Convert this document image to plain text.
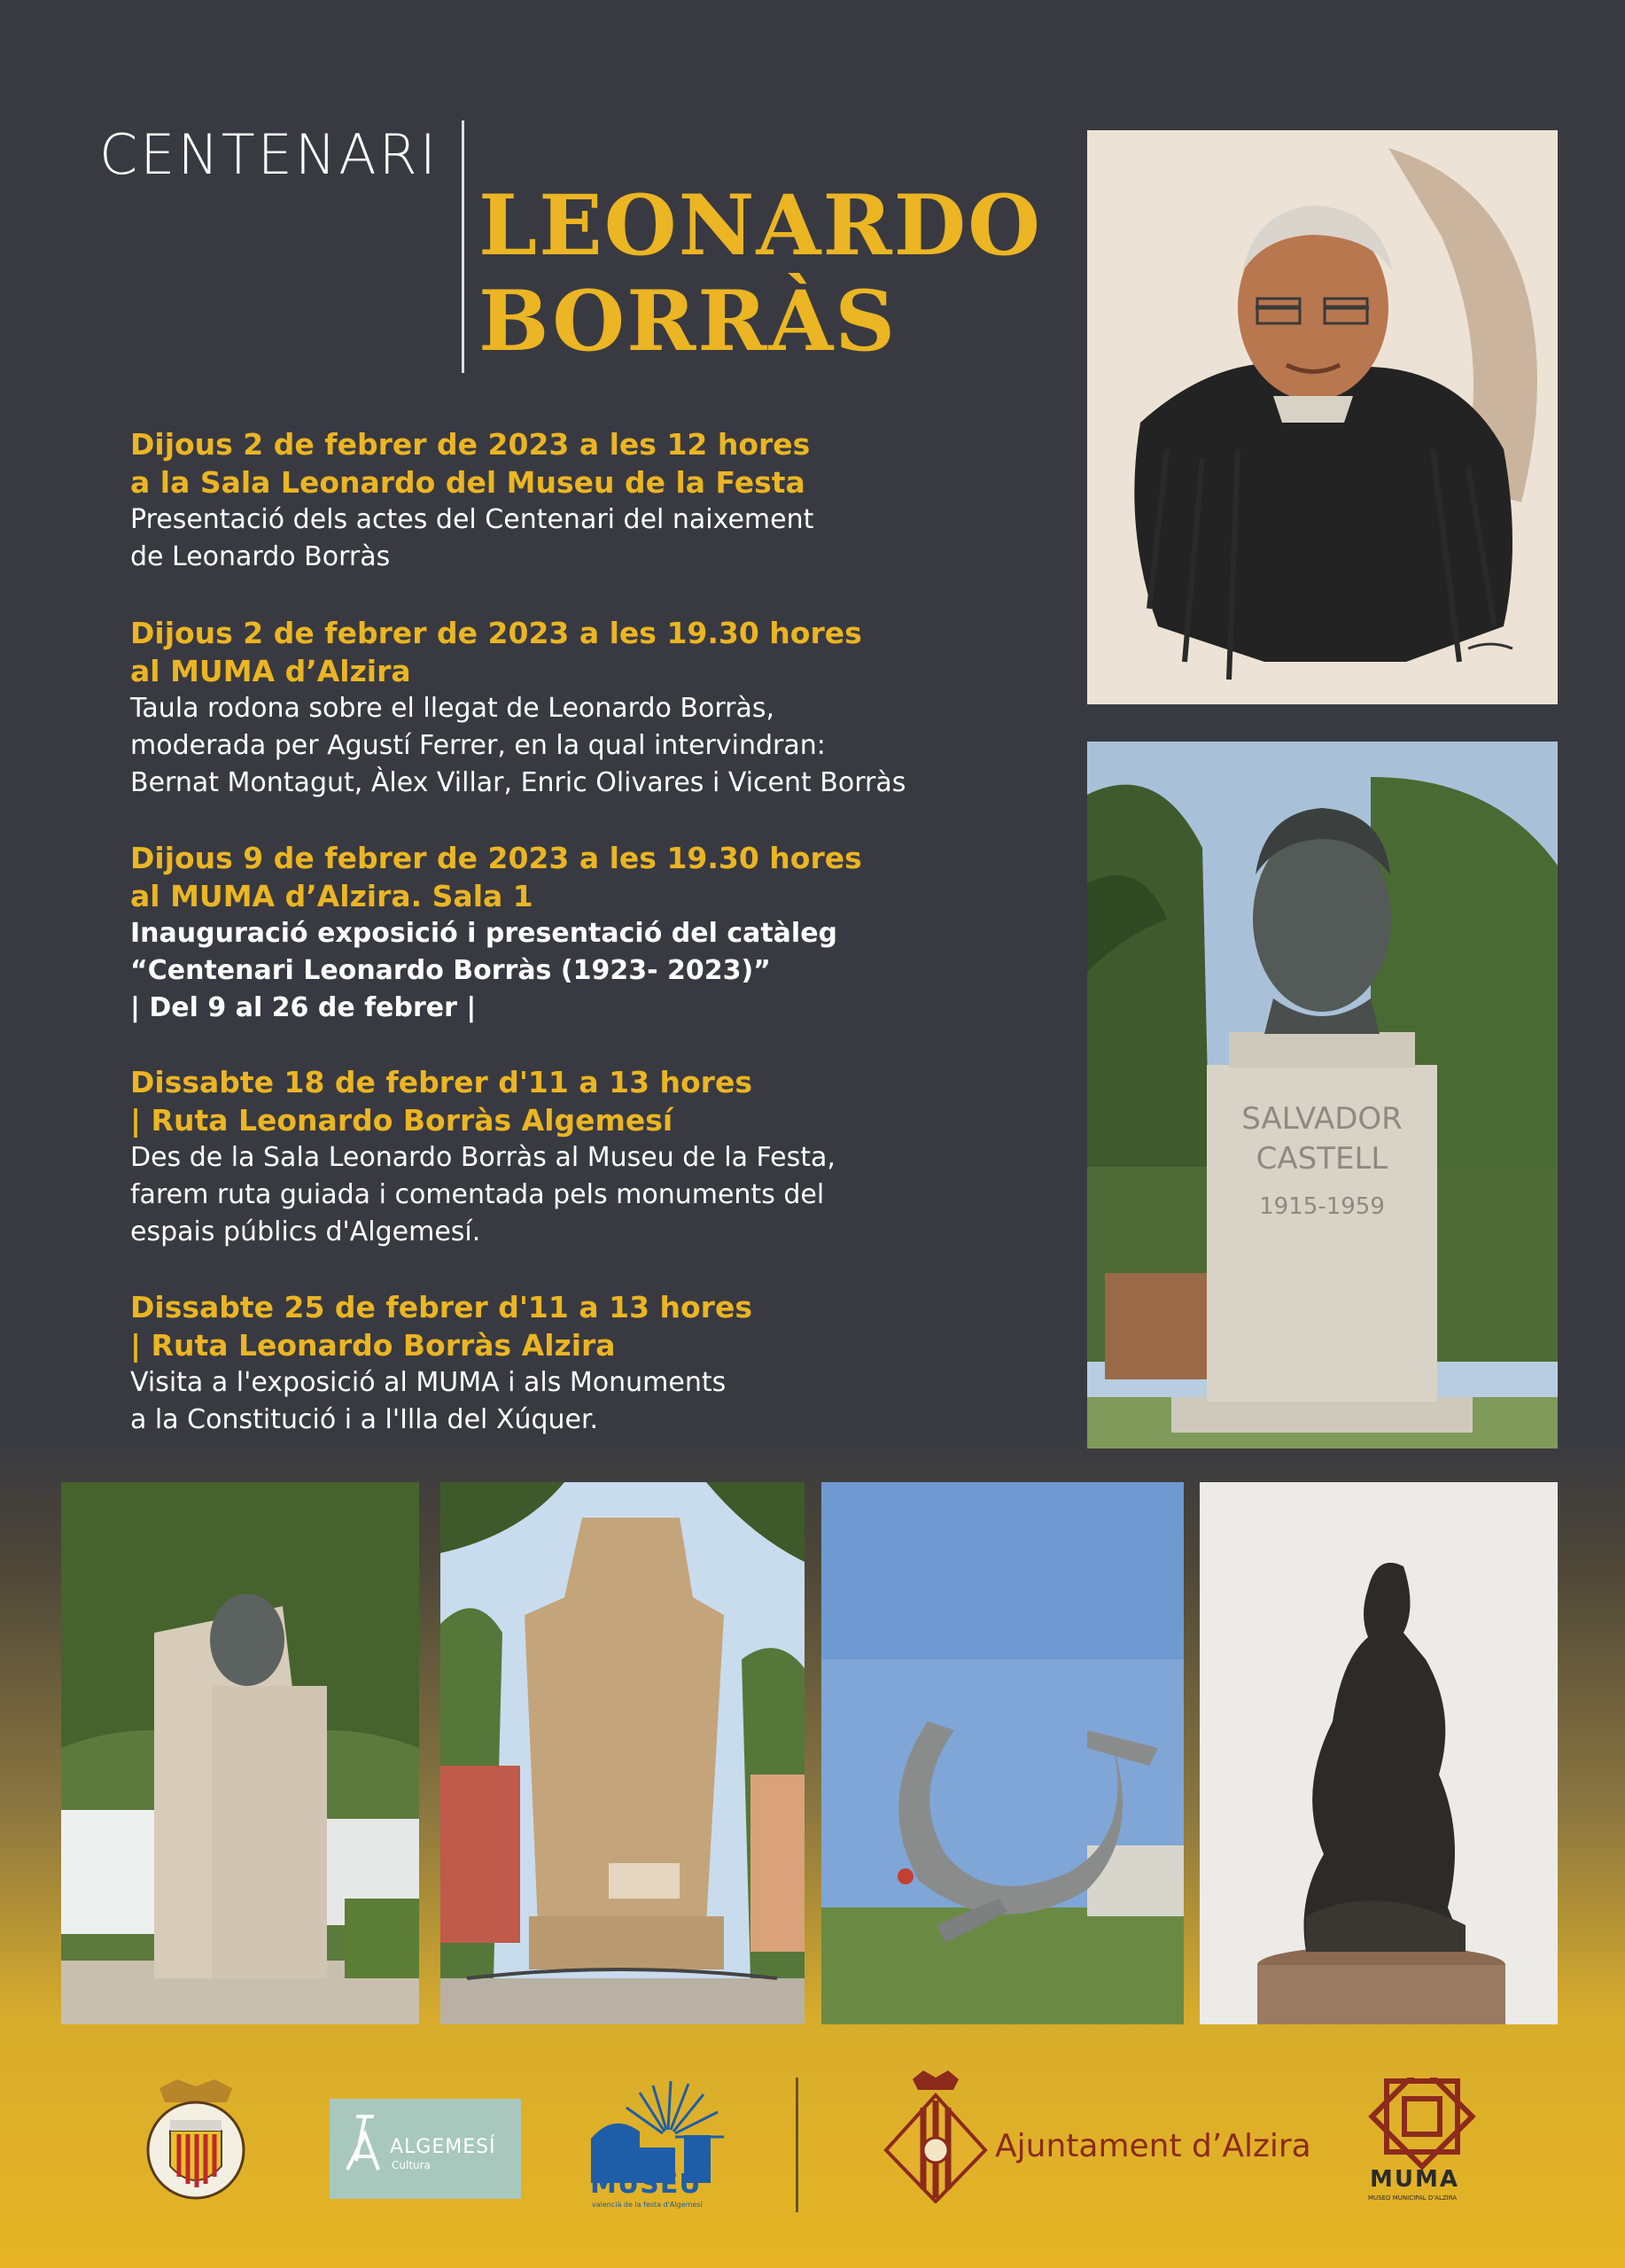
CENTENARI
LEONARDO
BORRÀS
Dijous 2 de febrer de 2023 a les 12 hores
a la Sala Leonardo del Museu de la Festa
Presentació dels actes del Centenari del naixement
de Leonardo Borràs
Dijous 2 de febrer de 2023 a les 19.30 hores
al MUMA d’Alzira
Taula rodona sobre el llegat de Leonardo Borràs,
moderada per Agustí Ferrer, en la qual intervindran:
Bernat Montagut, Àlex Villar, Enric Olivares i Vicent Borràs
Dijous 9 de febrer de 2023 a les 19.30 hores
al MUMA d’Alzira. Sala 1
Inauguració exposició i presentació del catàleg
“Centenari Leonardo Borràs (1923- 2023)”
| Del 9 al 26 de febrer |
Dissabte 18 de febrer d'11 a 13 hores
| Ruta Leonardo Borràs Algemesí
Des de la Sala Leonardo Borràs al Museu de la Festa,
farem ruta guiada i comentada pels monuments del
espais públics d'Algemesí.
Dissabte 25 de febrer d'11 a 13 hores
| Ruta Leonardo Borràs Alzira
Visita a l'exposició al MUMA i als Monuments
a la Constitució i a l'Illa del Xúquer.
SALVADOR
CASTELL
1915-1959
ALGEMESÍ
Cultura
MUSEU
valencià de la festa d'Algemesí
Ajuntament d’Alzira
MUMA
MUSEO MUNICIPAL D'ALZIRA
